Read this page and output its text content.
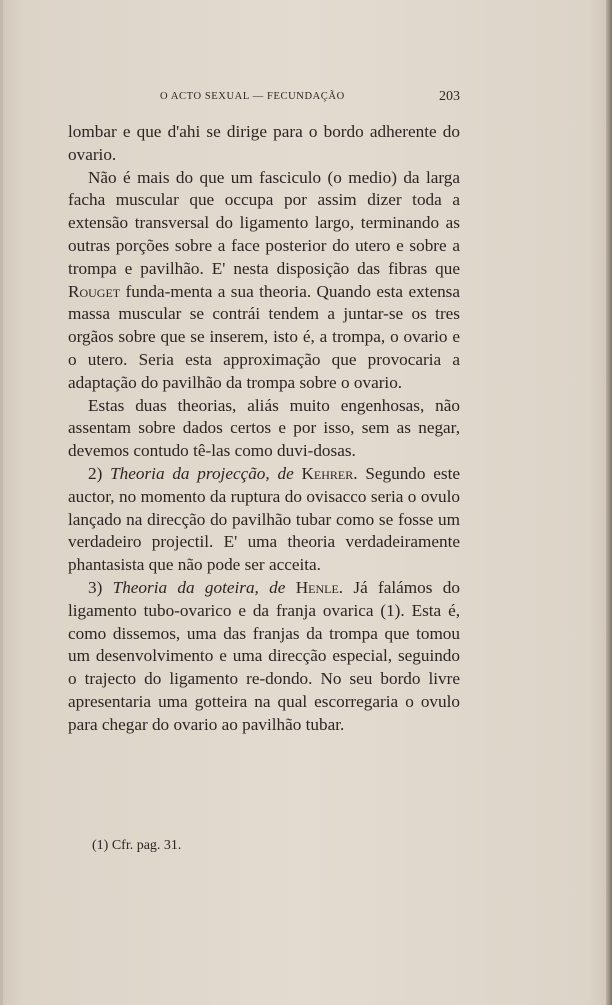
O ACTO SEXUAL — FECUNDAÇÃO	203

lombar e que d'ahi se dirige para o bordo adherente do ovario.

Não é mais do que um fasciculo (o medio) da larga facha muscular que occupa por assim dizer toda a extensão transversal do ligamento largo, terminando as outras porções sobre a face posterior do utero e sobre a trompa e pavilhão. E' nesta disposição das fibras que Rouget funda-menta a sua theoria. Quando esta extensa massa muscular se contrái tendem a juntar-se os tres orgãos sobre que se inserem, isto é, a trompa, o ovario e o utero. Seria esta approximação que provocaria a adaptação do pavilhão da trompa sobre o ovario.

Estas duas theorias, aliás muito engenhosas, não assentam sobre dados certos e por isso, sem as negar, devemos contudo tê-las como duvi-dosas.

2) Theoria da projecção, de Kehrer. Segundo este auctor, no momento da ruptura do ovisacco seria o ovulo lançado na direcção do pavilhão tubar como se fosse um verdadeiro projectil. E' uma theoria verdadeiramente phantasista que não pode ser acceita.

3) Theoria da goteira, de Henle. Já falámos do ligamento tubo-ovarico e da franja ovarica (1). Esta é, como dissemos, uma das franjas da trompa que tomou um desenvolvimento e uma direcção especial, seguindo o trajecto do ligamento re-dondo. No seu bordo livre apresentaria uma gotteira na qual escorregaria o ovulo para chegar do ovario ao pavilhão tubar.

(1) Cfr. pag. 31.
